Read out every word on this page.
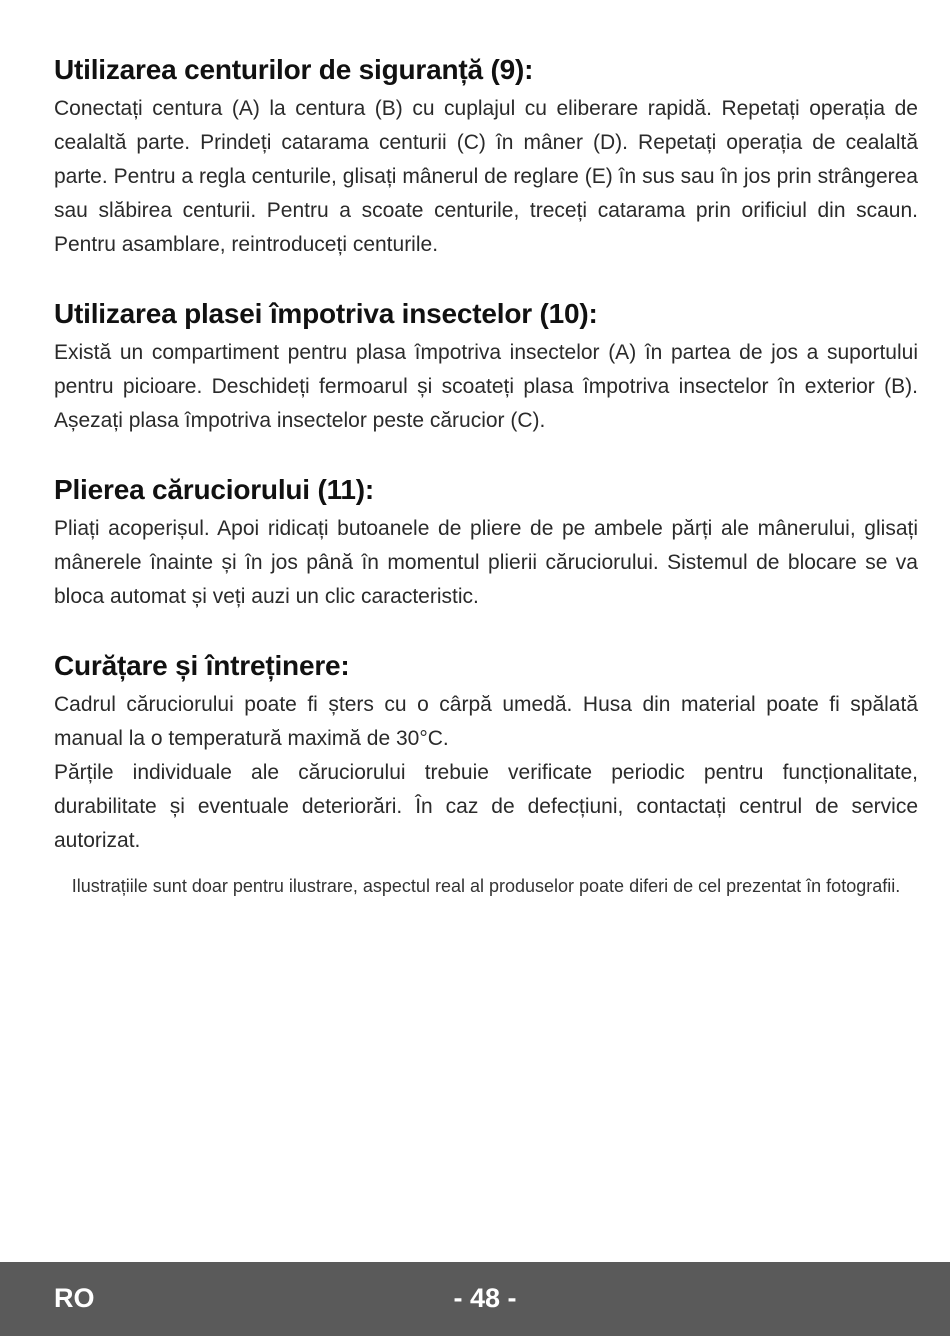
Utilizarea centurilor de siguranță (9):

Conectați centura (A) la centura (B) cu cuplajul cu eliberare rapidă. Repetați operația de cealaltă parte. Prindeți catarama centurii (C) în mâner (D). Repetați operația de cealaltă parte. Pentru a regla centurile, glisați mânerul de reglare (E) în sus sau în jos prin strângerea sau slăbirea centurii. Pentru a scoate centurile, treceți catarama prin orificiul din scaun. Pentru asamblare, reintroduceți centurile.

Utilizarea plasei împotriva insectelor (10):

Există un compartiment pentru plasa împotriva insectelor (A) în partea de jos a suportului pentru picioare. Deschideți fermoarul și scoateți plasa împotriva insectelor în exterior (B). Așezați plasa împotriva insectelor peste cărucior (C).

Plierea căruciorului (11):

Pliați acoperișul. Apoi ridicați butoanele de pliere de pe ambele părți ale mânerului, glisați mânerele înainte și în jos până în momentul plierii căruciorului. Sistemul de blocare se va bloca automat și veți auzi un clic caracteristic.

Curățare și întreținere:

Cadrul căruciorului poate fi șters cu o cârpă umedă. Husa din material poate fi spălată manual la o temperatură maximă de 30°C.

Părțile individuale ale căruciorului trebuie verificate periodic pentru funcționalitate, durabilitate și eventuale deteriorări. În caz de defecțiuni, contactați centrul de service autorizat.

Ilustrațiile sunt doar pentru ilustrare, aspectul real al produselor poate diferi de cel prezentat în fotografii.
RO	- 48 -
